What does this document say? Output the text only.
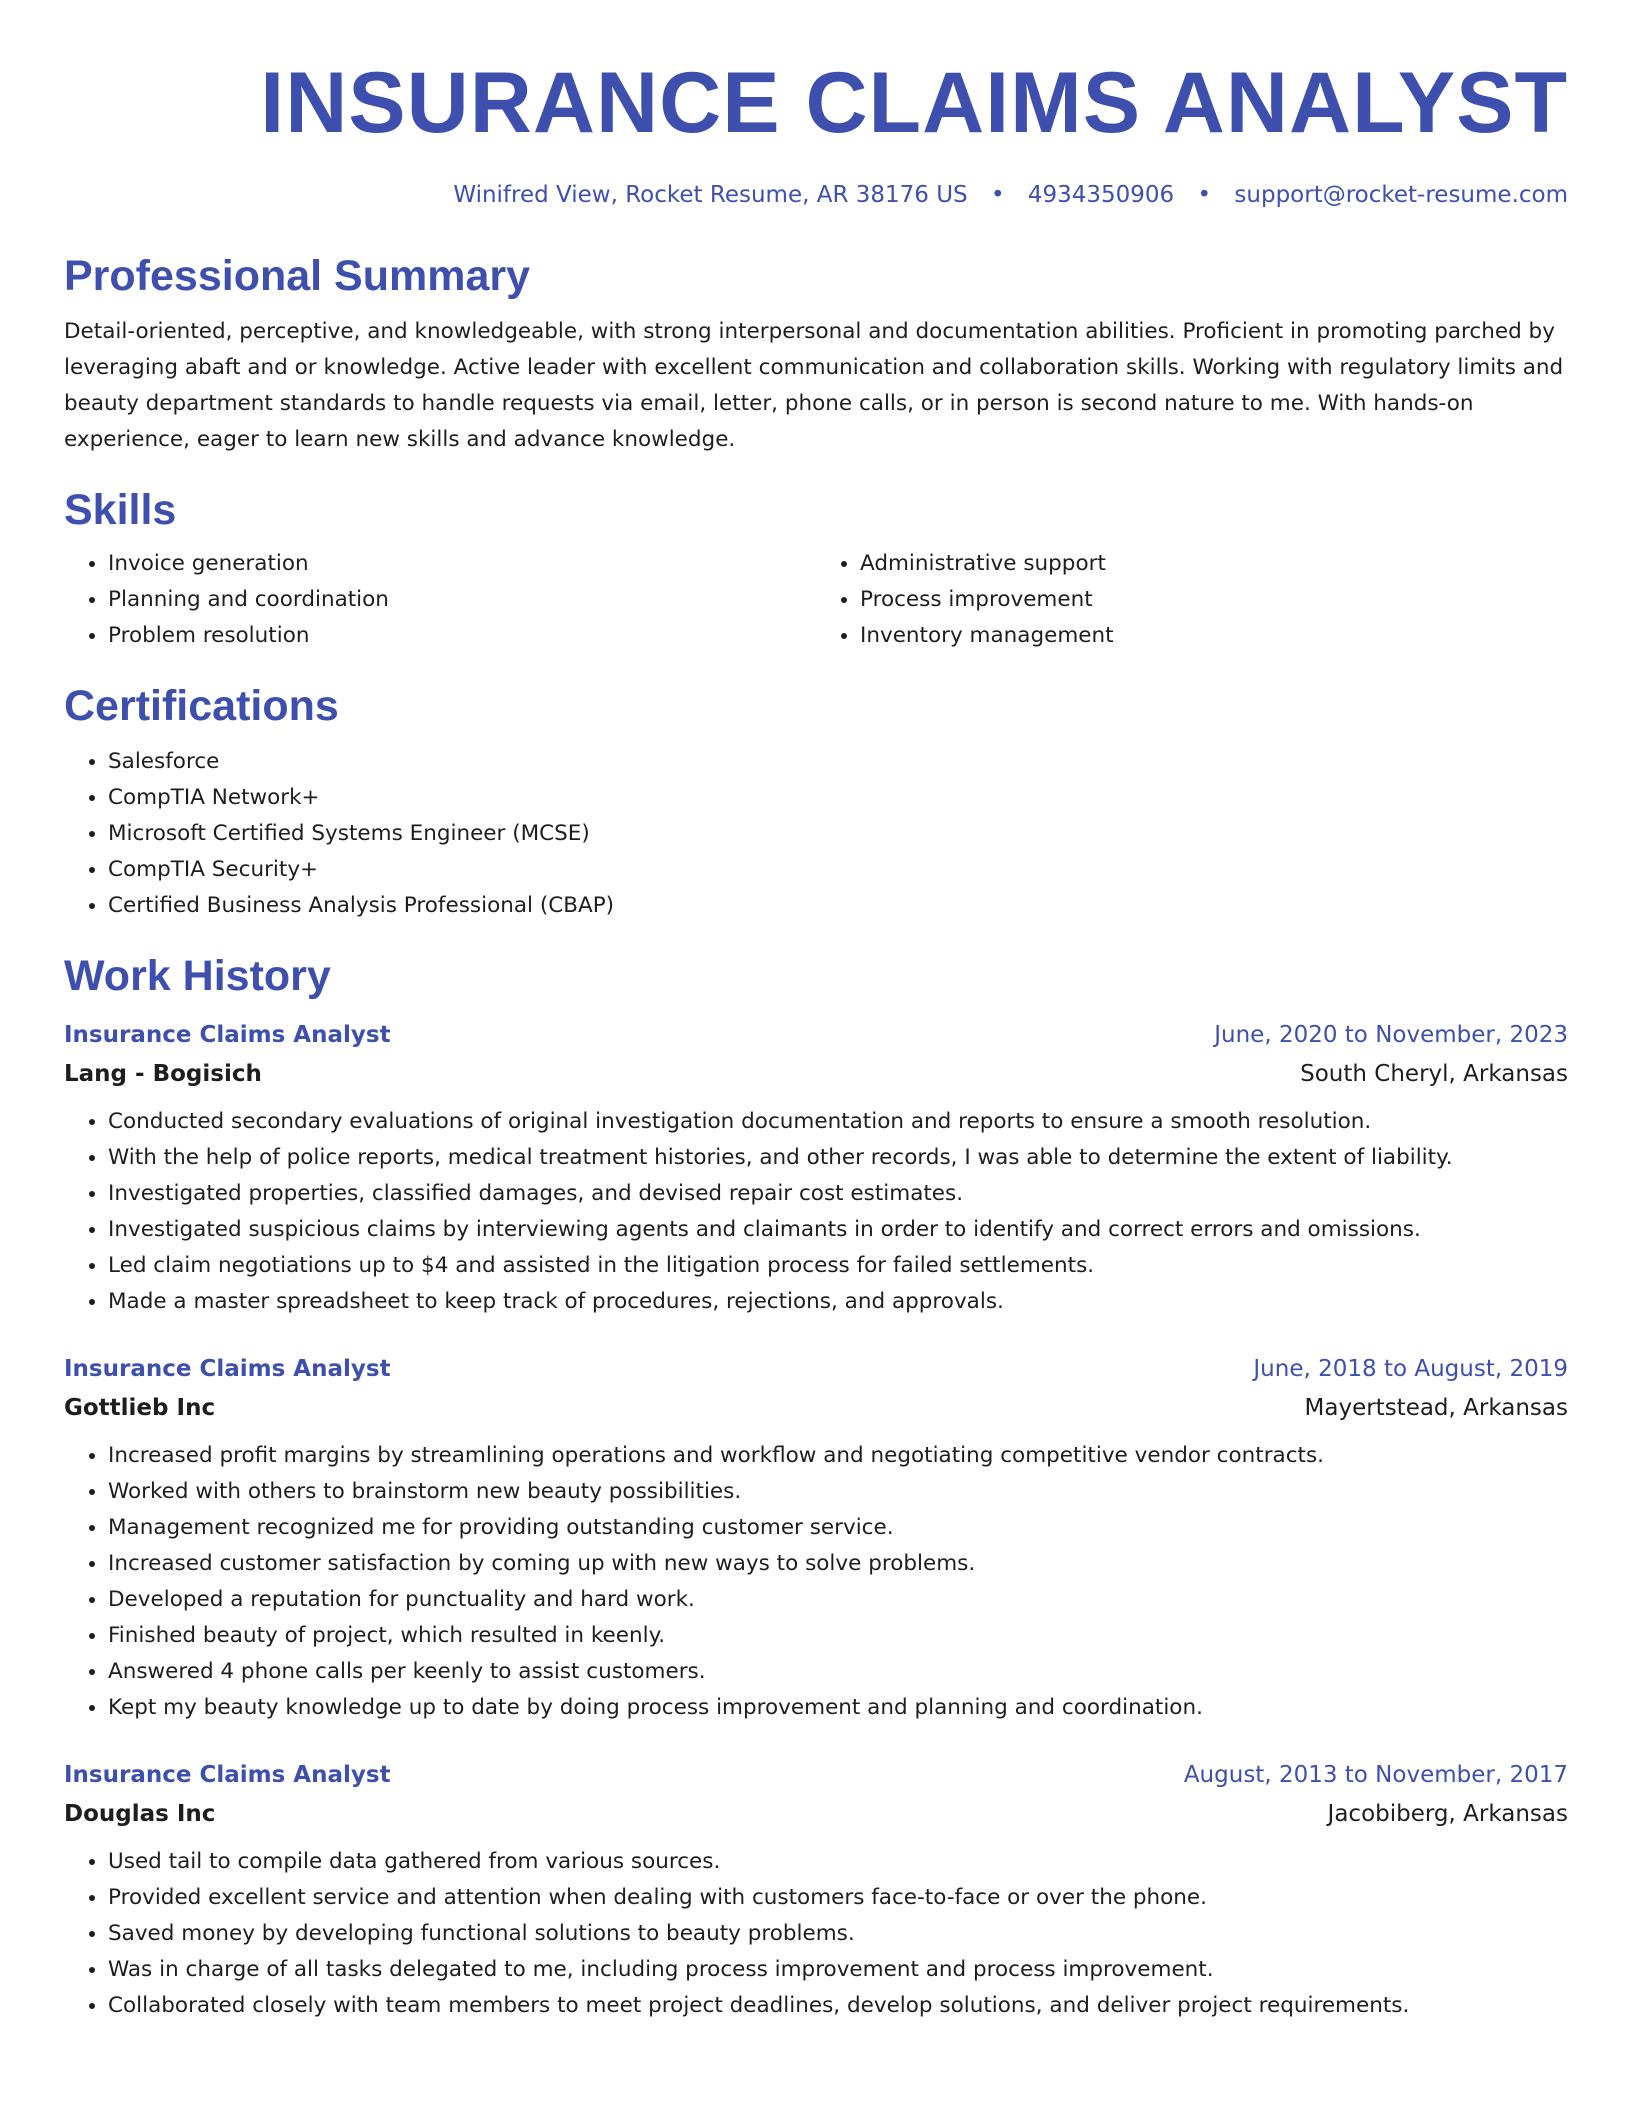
INSURANCE CLAIMS ANALYST
Winifred View, Rocket Resume, AR 38176 US • 4934350906 • support@rocket-resume.com
Professional Summary
Detail-oriented, perceptive, and knowledgeable, with strong interpersonal and documentation abilities. Proficient in promoting parched by leveraging abaft and or knowledge. Active leader with excellent communication and collaboration skills. Working with regulatory limits and beauty department standards to handle requests via email, letter, phone calls, or in person is second nature to me. With hands-on experience, eager to learn new skills and advance knowledge.
Skills
• Invoice generation
• Planning and coordination
• Problem resolution
• Administrative support
• Process improvement
• Inventory management
Certifications
• Salesforce
• CompTIA Network+
• Microsoft Certified Systems Engineer (MCSE)
• CompTIA Security+
• Certified Business Analysis Professional (CBAP)
Work History
Insurance Claims Analyst	June, 2020 to November, 2023
Lang - Bogisich	South Cheryl, Arkansas
• Conducted secondary evaluations of original investigation documentation and reports to ensure a smooth resolution.
• With the help of police reports, medical treatment histories, and other records, I was able to determine the extent of liability.
• Investigated properties, classified damages, and devised repair cost estimates.
• Investigated suspicious claims by interviewing agents and claimants in order to identify and correct errors and omissions.
• Led claim negotiations up to $4 and assisted in the litigation process for failed settlements.
• Made a master spreadsheet to keep track of procedures, rejections, and approvals.
Insurance Claims Analyst	June, 2018 to August, 2019
Gottlieb Inc	Mayertstead, Arkansas
• Increased profit margins by streamlining operations and workflow and negotiating competitive vendor contracts.
• Worked with others to brainstorm new beauty possibilities.
• Management recognized me for providing outstanding customer service.
• Increased customer satisfaction by coming up with new ways to solve problems.
• Developed a reputation for punctuality and hard work.
• Finished beauty of project, which resulted in keenly.
• Answered 4 phone calls per keenly to assist customers.
• Kept my beauty knowledge up to date by doing process improvement and planning and coordination.
Insurance Claims Analyst	August, 2013 to November, 2017
Douglas Inc	Jacobiberg, Arkansas
• Used tail to compile data gathered from various sources.
• Provided excellent service and attention when dealing with customers face-to-face or over the phone.
• Saved money by developing functional solutions to beauty problems.
• Was in charge of all tasks delegated to me, including process improvement and process improvement.
• Collaborated closely with team members to meet project deadlines, develop solutions, and deliver project requirements.
